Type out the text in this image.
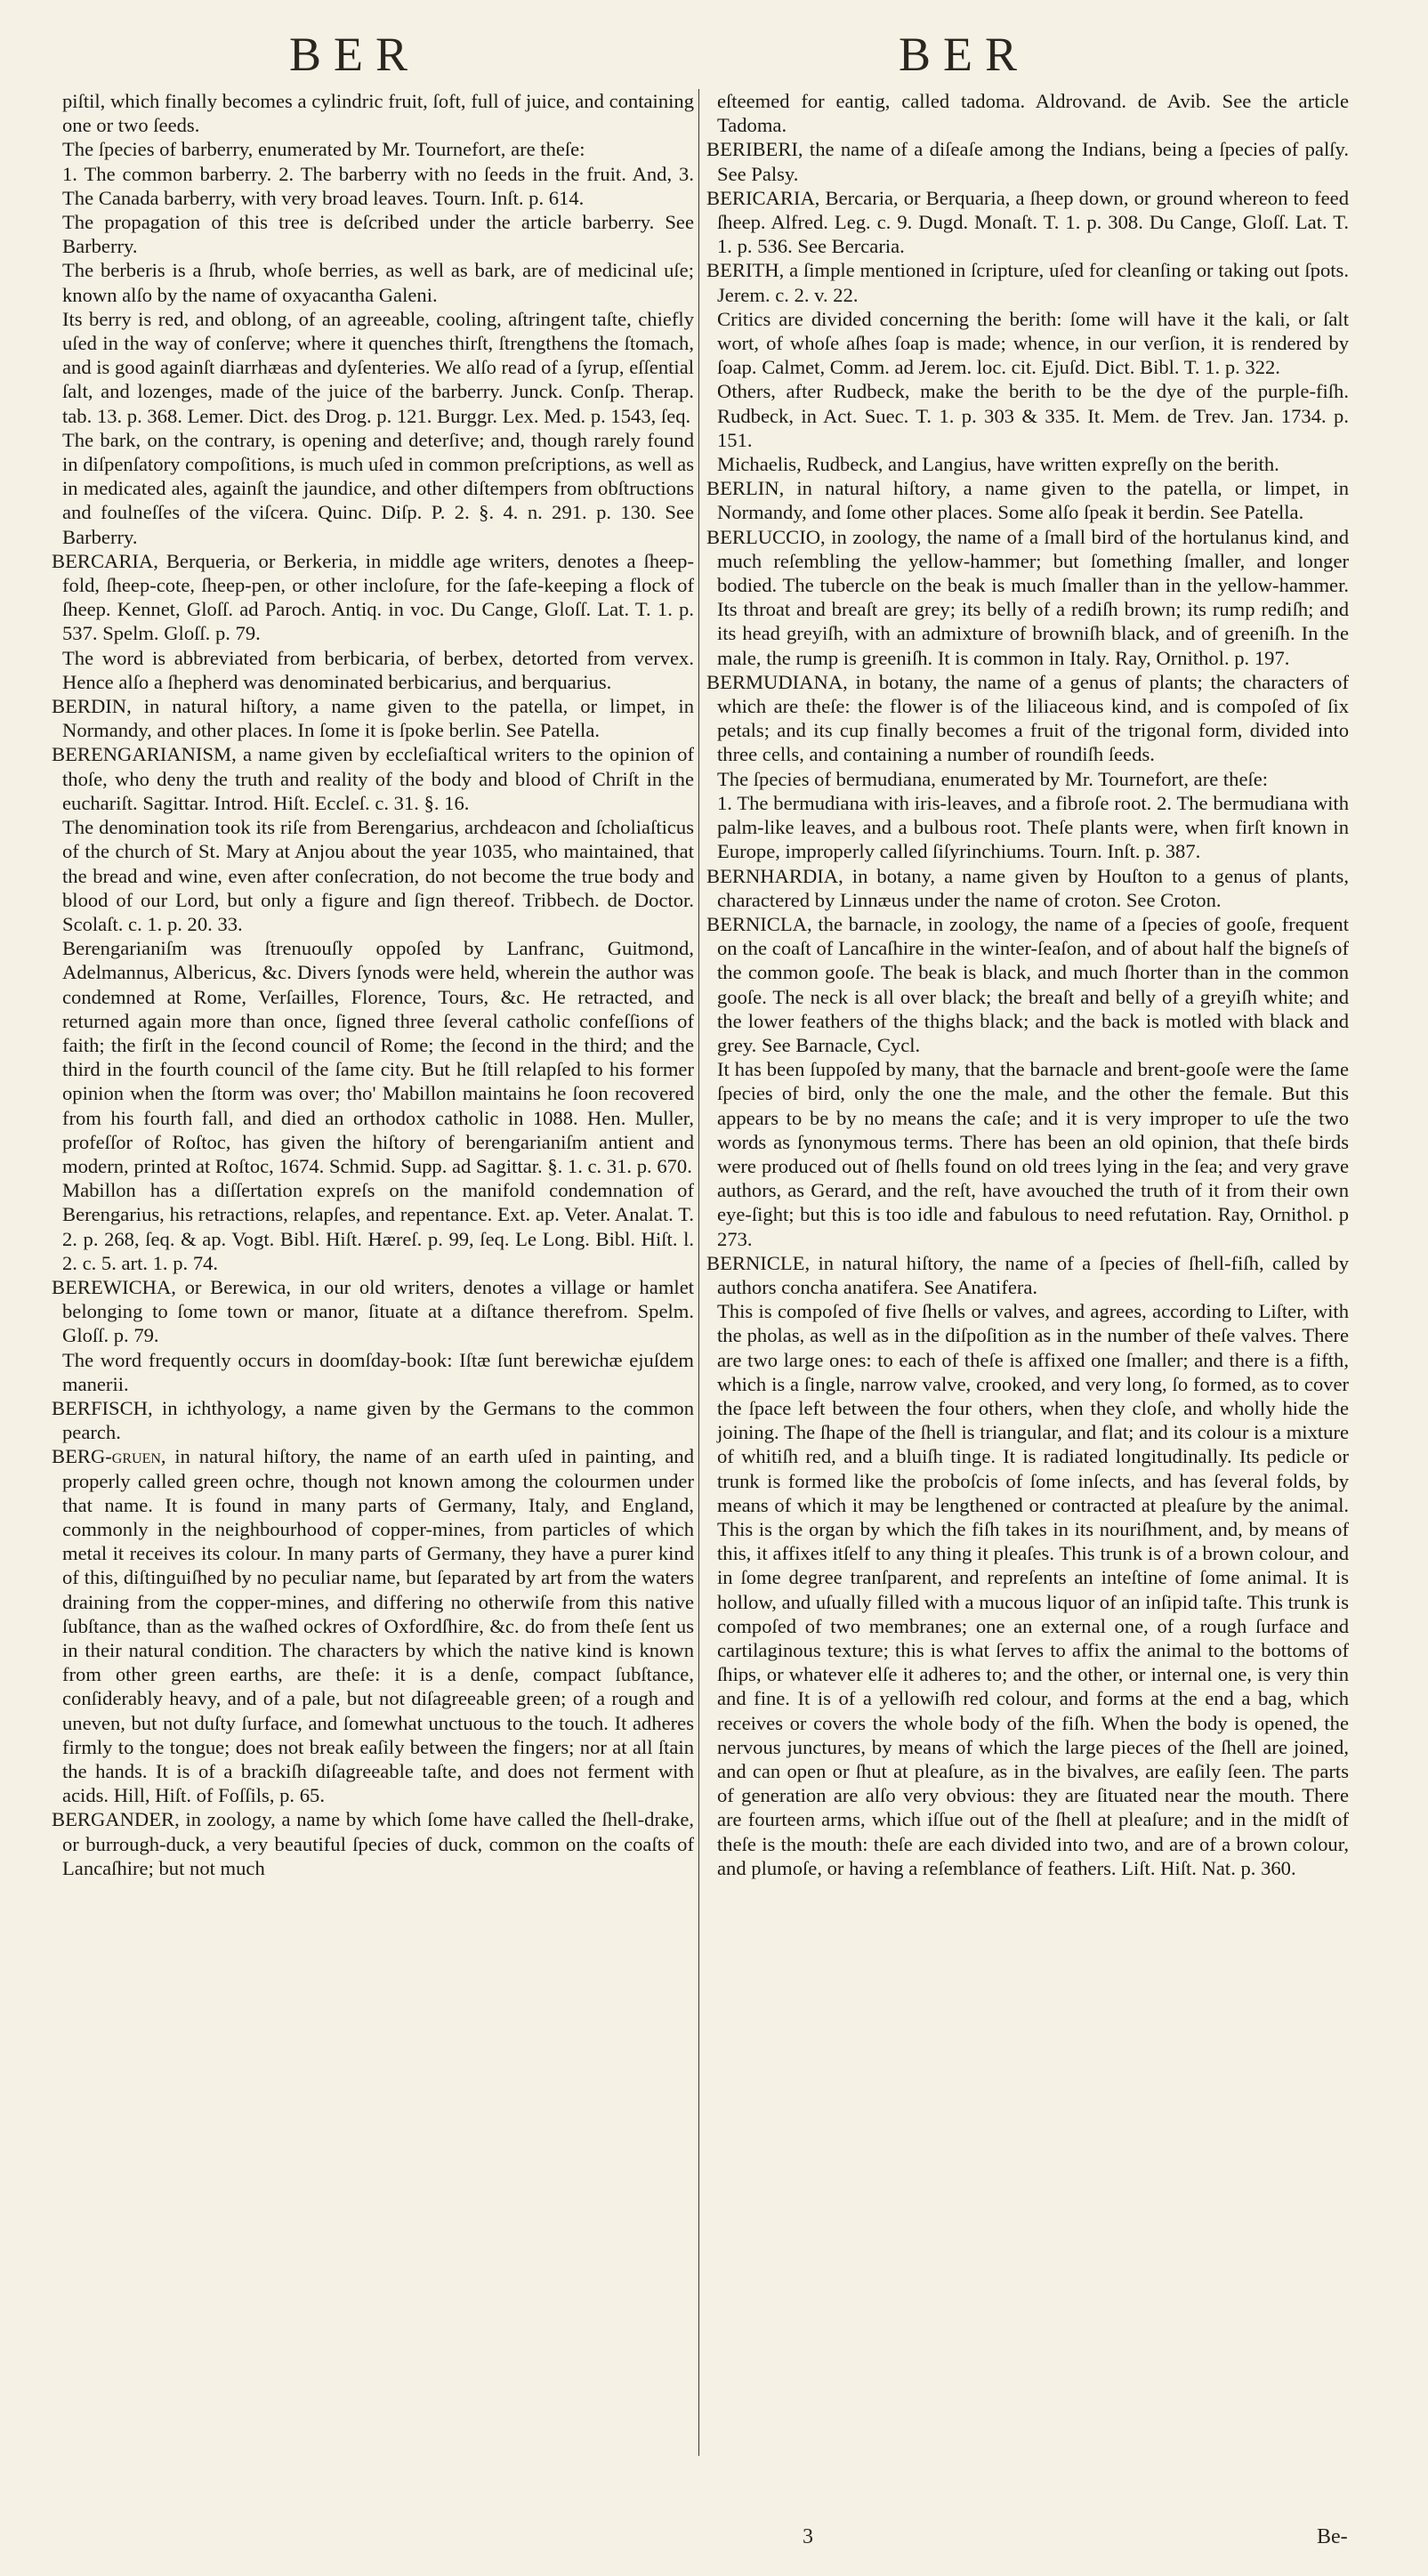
BER	BER
piſtil, which finally becomes a cylindric fruit, ſoft, full of juice, and containing one or two ſeeds.
The ſpecies of barberry, enumerated by Mr. Tournefort, are theſe:
1. The common barberry. 2. The barberry with no ſeeds in the fruit. And, 3. The Canada barberry, with very broad leaves. Tourn. Inſt. p. 614.
The propagation of this tree is deſcribed under the article barberry. See Barberry.
The berberis is a ſhrub, whoſe berries, as well as bark, are of medicinal uſe; known alſo by the name of oxyacantha Galeni.
Its berry is red, and oblong, of an agreeable, cooling, aſtringent taſte, chiefly uſed in the way of conſerve; where it quenches thirſt, ſtrengthens the ſtomach, and is good againſt diarrhæas and dyſenteries. We alſo read of a ſyrup, eſſential ſalt, and lozenges, made of the juice of the barberry. Junck. Conſp. Therap. tab. 13. p. 368. Lemer. Dict. des Drog. p. 121. Burggr. Lex. Med. p. 1543, ſeq.
The bark, on the contrary, is opening and deterſive; and, though rarely found in diſpenſatory compoſitions, is much uſed in common preſcriptions, as well as in medicated ales, againſt the jaundice, and other diſtempers from obſtructions and foulneſſes of the viſcera. Quinc. Diſp. P. 2. §. 4. n. 291. p. 130. See Barberry.
BERCARIA, Berqueria, or Berkeria, in middle age writers, denotes a ſheep-fold, ſheep-cote, ſheep-pen, or other incloſure, for the ſafe-keeping a flock of ſheep. Kennet, Gloſſ. ad Paroch. Antiq. in voc. Du Cange, Gloſſ. Lat. T. 1. p. 537. Spelm. Gloſſ. p. 79.
The word is abbreviated from berbicaria, of berbex, detorted from vervex. Hence alſo a ſhepherd was denominated berbicarius, and berquarius.
BERDIN, in natural hiſtory, a name given to the patella, or limpet, in Normandy, and other places. In ſome it is ſpoke berlin. See Patella.
BERENGARIANISM, a name given by eccleſiaſtical writers to the opinion of thoſe, who deny the truth and reality of the body and blood of Chriſt in the euchariſt. Sagittar. Introd. Hiſt. Eccleſ. c. 31. §. 16.
The denomination took its riſe from Berengarius, archdeacon and ſcholiaſticus of the church of St. Mary at Anjou about the year 1035, who maintained, that the bread and wine, even after conſecration, do not become the true body and blood of our Lord, but only a figure and ſign thereof. Tribbech. de Doctor. Scolaſt. c. 1. p. 20. 33.
Berengarianiſm was ſtrenuouſly oppoſed by Lanfranc, Guitmond, Adelmannus, Albericus, &c. Divers ſynods were held, wherein the author was condemned at Rome, Verſailles, Florence, Tours, &c. He retracted, and returned again more than once, ſigned three ſeveral catholic confeſſions of faith; the firſt in the ſecond council of Rome; the ſecond in the third; and the third in the fourth council of the ſame city. But he ſtill relapſed to his former opinion when the ſtorm was over; tho' Mabillon maintains he ſoon recovered from his fourth fall, and died an orthodox catholic in 1088. Hen. Muller, profeſſor of Roſtoc, has given the hiſtory of berengarianiſm antient and modern, printed at Roſtoc, 1674. Schmid. Supp. ad Sagittar. §. 1. c. 31. p. 670.
Mabillon has a diſſertation expreſs on the manifold condemnation of Berengarius, his retractions, relapſes, and repentance. Ext. ap. Veter. Analat. T. 2. p. 268, ſeq. & ap. Vogt. Bibl. Hiſt. Hæreſ. p. 99, ſeq. Le Long. Bibl. Hiſt. l. 2. c. 5. art. 1. p. 74.
BEREWICHA, or Berewica, in our old writers, denotes a village or hamlet belonging to ſome town or manor, ſituate at a diſtance therefrom. Spelm. Gloſſ. p. 79.
The word frequently occurs in doomſday-book: Iſtæ ſunt berewichæ ejuſdem manerii.
BERFISCH, in ichthyology, a name given by the Germans to the common pearch.
BERG-gruen, in natural hiſtory, the name of an earth uſed in painting, and properly called green ochre, though not known among the colourmen under that name. It is found in many parts of Germany, Italy, and England, commonly in the neighbourhood of copper-mines, from particles of which metal it receives its colour. In many parts of Germany, they have a purer kind of this, diſtinguiſhed by no peculiar name, but ſeparated by art from the waters draining from the copper-mines, and differing no otherwiſe from this native ſubſtance, than as the waſhed ockres of Oxfordſhire, &c. do from theſe ſent us in their natural condition. The characters by which the native kind is known from other green earths, are theſe: it is a denſe, compact ſubſtance, conſiderably heavy, and of a pale, but not diſagreeable green; of a rough and uneven, but not duſty ſurface, and ſomewhat unctuous to the touch. It adheres firmly to the tongue; does not break eaſily between the fingers; nor at all ſtain the hands. It is of a brackiſh diſagreeable taſte, and does not ferment with acids. Hill, Hiſt. of Foſſils, p. 65.
BERGANDER, in zoology, a name by which ſome have called the ſhell-drake, or burrough-duck, a very beautiful ſpecies of duck, common on the coaſts of Lancaſhire; but not much
eſteemed for eantig, called tadoma. Aldrovand. de Avib. See the article Tadoma.
BERIBERI, the name of a diſeaſe among the Indians, being a ſpecies of palſy. See Palsy.
BERICARIA, Bercaria, or Berquaria, a ſheep down, or ground whereon to feed ſheep. Alfred. Leg. c. 9. Dugd. Monaſt. T. 1. p. 308. Du Cange, Gloſſ. Lat. T. 1. p. 536. See Bercaria.
BERITH, a ſimple mentioned in ſcripture, uſed for cleanſing or taking out ſpots. Jerem. c. 2. v. 22.
Critics are divided concerning the berith: ſome will have it the kali, or ſalt wort, of whoſe aſhes ſoap is made; whence, in our verſion, it is rendered by ſoap. Calmet, Comm. ad Jerem. loc. cit. Ejuſd. Dict. Bibl. T. 1. p. 322.
Others, after Rudbeck, make the berith to be the dye of the purple-fiſh. Rudbeck, in Act. Suec. T. 1. p. 303 & 335. It. Mem. de Trev. Jan. 1734. p. 151.
Michaelis, Rudbeck, and Langius, have written expreſly on the berith.
BERLIN, in natural hiſtory, a name given to the patella, or limpet, in Normandy, and ſome other places. Some alſo ſpeak it berdin. See Patella.
BERLUCCIO, in zoology, the name of a ſmall bird of the hortulanus kind, and much reſembling the yellow-hammer; but ſomething ſmaller, and longer bodied. The tubercle on the beak is much ſmaller than in the yellow-hammer. Its throat and breaſt are grey; its belly of a rediſh brown; its rump rediſh; and its head greyiſh, with an admixture of browniſh black, and of greeniſh. In the male, the rump is greeniſh. It is common in Italy. Ray, Ornithol. p. 197.
BERMUDIANA, in botany, the name of a genus of plants; the characters of which are theſe: the flower is of the liliaceous kind, and is compoſed of ſix petals; and its cup finally becomes a fruit of the trigonal form, divided into three cells, and containing a number of roundiſh ſeeds.
The ſpecies of bermudiana, enumerated by Mr. Tournefort, are theſe:
1. The bermudiana with iris-leaves, and a fibroſe root. 2. The bermudiana with palm-like leaves, and a bulbous root. Theſe plants were, when firſt known in Europe, improperly called ſiſyrinchiums. Tourn. Inſt. p. 387.
BERNHARDIA, in botany, a name given by Houſton to a genus of plants, charactered by Linnæus under the name of croton. See Croton.
BERNICLA, the barnacle, in zoology, the name of a ſpecies of gooſe, frequent on the coaſt of Lancaſhire in the winter-ſeaſon, and of about half the bigneſs of the common gooſe. The beak is black, and much ſhorter than in the common gooſe. The neck is all over black; the breaſt and belly of a greyiſh white; and the lower feathers of the thighs black; and the back is motled with black and grey. See Barnacle, Cycl.
It has been ſuppoſed by many, that the barnacle and brent-gooſe were the ſame ſpecies of bird, only the one the male, and the other the female. But this appears to be by no means the caſe; and it is very improper to uſe the two words as ſynonymous terms. There has been an old opinion, that theſe birds were produced out of ſhells found on old trees lying in the ſea; and very grave authors, as Gerard, and the reſt, have avouched the truth of it from their own eye-ſight; but this is too idle and fabulous to need refutation. Ray, Ornithol. p 273.
BERNICLE, in natural hiſtory, the name of a ſpecies of ſhell-fiſh, called by authors concha anatifera. See Anatifera.
This is compoſed of five ſhells or valves, and agrees, according to Liſter, with the pholas, as well as in the diſpoſition as in the number of theſe valves. There are two large ones: to each of theſe is affixed one ſmaller; and there is a fifth, which is a ſingle, narrow valve, crooked, and very long, ſo formed, as to cover the ſpace left between the four others, when they cloſe, and wholly hide the joining. The ſhape of the ſhell is triangular, and flat; and its colour is a mixture of whitiſh red, and a bluiſh tinge. It is radiated longitudinally. Its pedicle or trunk is formed like the proboſcis of ſome inſects, and has ſeveral folds, by means of which it may be lengthened or contracted at pleaſure by the animal. This is the organ by which the fiſh takes in its nouriſhment, and, by means of this, it affixes itſelf to any thing it pleaſes. This trunk is of a brown colour, and in ſome degree tranſparent, and repreſents an inteſtine of ſome animal. It is hollow, and uſually filled with a mucous liquor of an inſipid taſte. This trunk is compoſed of two membranes; one an external one, of a rough ſurface and cartilaginous texture; this is what ſerves to affix the animal to the bottoms of ſhips, or whatever elſe it adheres to; and the other, or internal one, is very thin and fine. It is of a yellowiſh red colour, and forms at the end a bag, which receives or covers the whole body of the fiſh. When the body is opened, the nervous junctures, by means of which the large pieces of the ſhell are joined, and can open or ſhut at pleaſure, as in the bivalves, are eaſily ſeen. The parts of generation are alſo very obvious: they are ſituated near the mouth. There are fourteen arms, which iſſue out of the ſhell at pleaſure; and in the midſt of theſe is the mouth: theſe are each divided into two, and are of a brown colour, and plumoſe, or having a reſemblance of feathers. Liſt. Hiſt. Nat. p. 360.
3	Be-
